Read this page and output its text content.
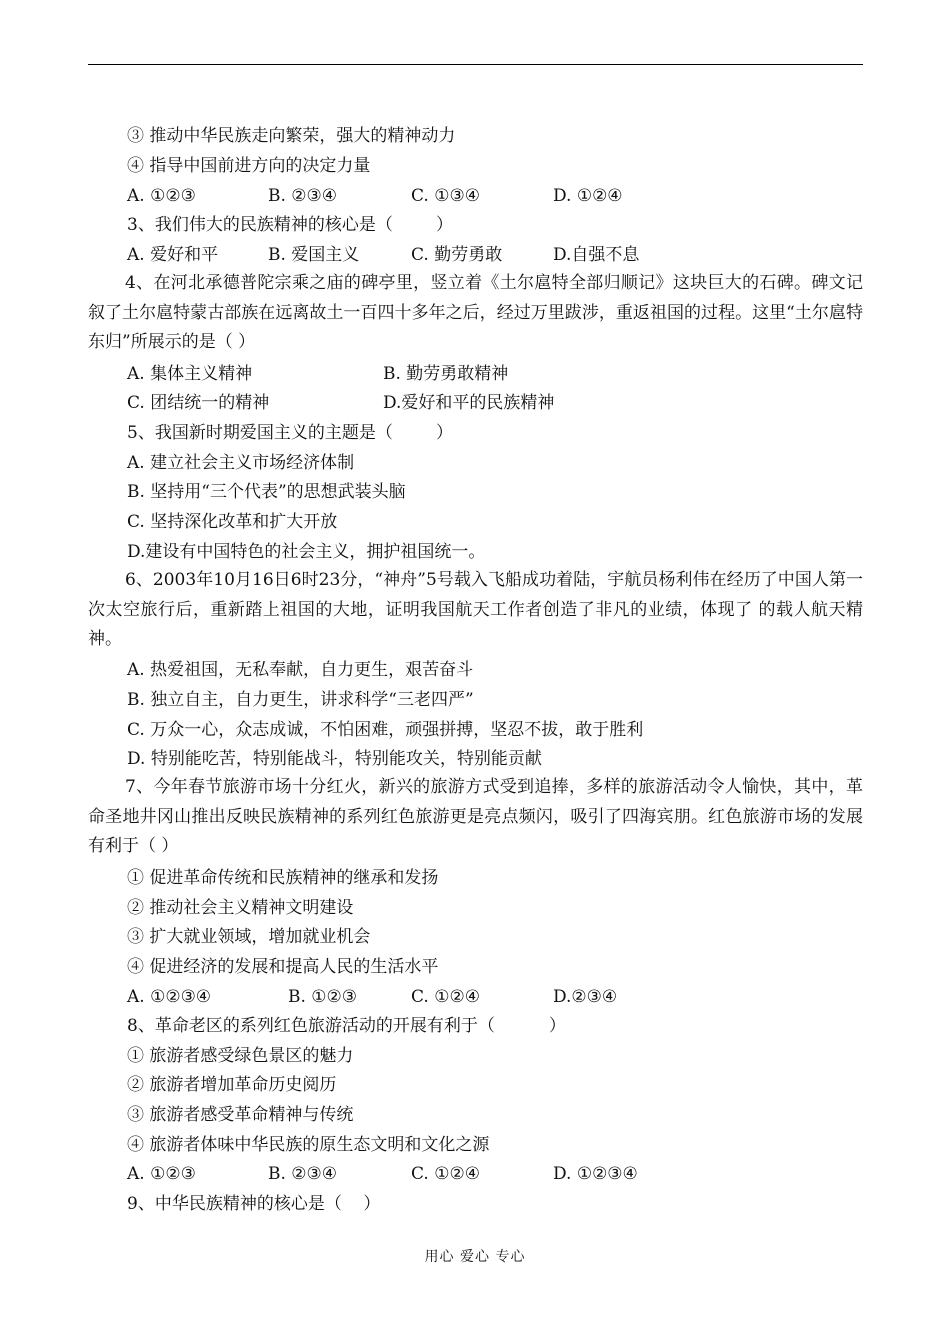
③ 推动中华民族走向繁荣，强大的精神动力
④ 指导中国前进方向的决定力量
A. ①②③	B. ②③④	C. ①③④	D. ①②④
3、我们伟大的民族精神的核心是（        ）
A. 爱好和平	B. 爱国主义	C. 勤劳勇敢	D.自强不息
A. 集体主义精神	B. 勤劳勇敢精神
C. 团结统一的精神	D.爱好和平的民族精神
5、我国新时期爱国主义的主题是（        ）
A. 建立社会主义市场经济体制
B. 坚持用“三个代表”的思想武装头脑
C. 坚持深化改革和扩大开放
D.建设有中国特色的社会主义，拥护祖国统一。
A. 热爱祖国，无私奉献，自力更生，艰苦奋斗
B. 独立自主，自力更生，讲求科学“三老四严”
C. 万众一心，众志成诚，不怕困难，顽强拼搏，坚忍不拔，敢于胜利
D. 特别能吃苦，特别能战斗，特别能攻关，特别能贡献
① 促进革命传统和民族精神的继承和发扬
② 推动社会主义精神文明建设
③ 扩大就业领域，增加就业机会
④ 促进经济的发展和提高人民的生活水平
A. ①②③④	B. ①②③	C. ①②④	D.②③④
8、革命老区的系列红色旅游活动的开展有利于（          ）
① 旅游者感受绿色景区的魅力
② 旅游者增加革命历史阅历
③ 旅游者感受革命精神与传统
④ 旅游者体味中华民族的原生态文明和文化之源
A. ①②③	B. ②③④	C. ①②④	D. ①②③④
9、中华民族精神的核心是（    ）
4、在河北承德普陀宗乘之庙的碑亭里，竖立着《土尔扈特全部归顺记》这块巨大的石碑。碑文记叙了土尔扈特蒙古部族在远离故土一百四十多年之后，经过万里跋涉，重返祖国的过程。这里“土尔扈特东归”所展示的是（ ）
6、2003年10月16日6时23分，“神舟”5号载入飞船成功着陆，宇航员杨利伟在经历了中国人第一次太空旅行后，重新踏上祖国的大地，证明我国航天工作者创造了非凡的业绩，体现了 的载人航天精神。
7、今年春节旅游市场十分红火，新兴的旅游方式受到追捧，多样的旅游活动令人愉快，其中，革命圣地井冈山推出反映民族精神的系列红色旅游更是亮点频闪，吸引了四海宾朋。红色旅游市场的发展有利于（ ）
用心 爱心 专心
